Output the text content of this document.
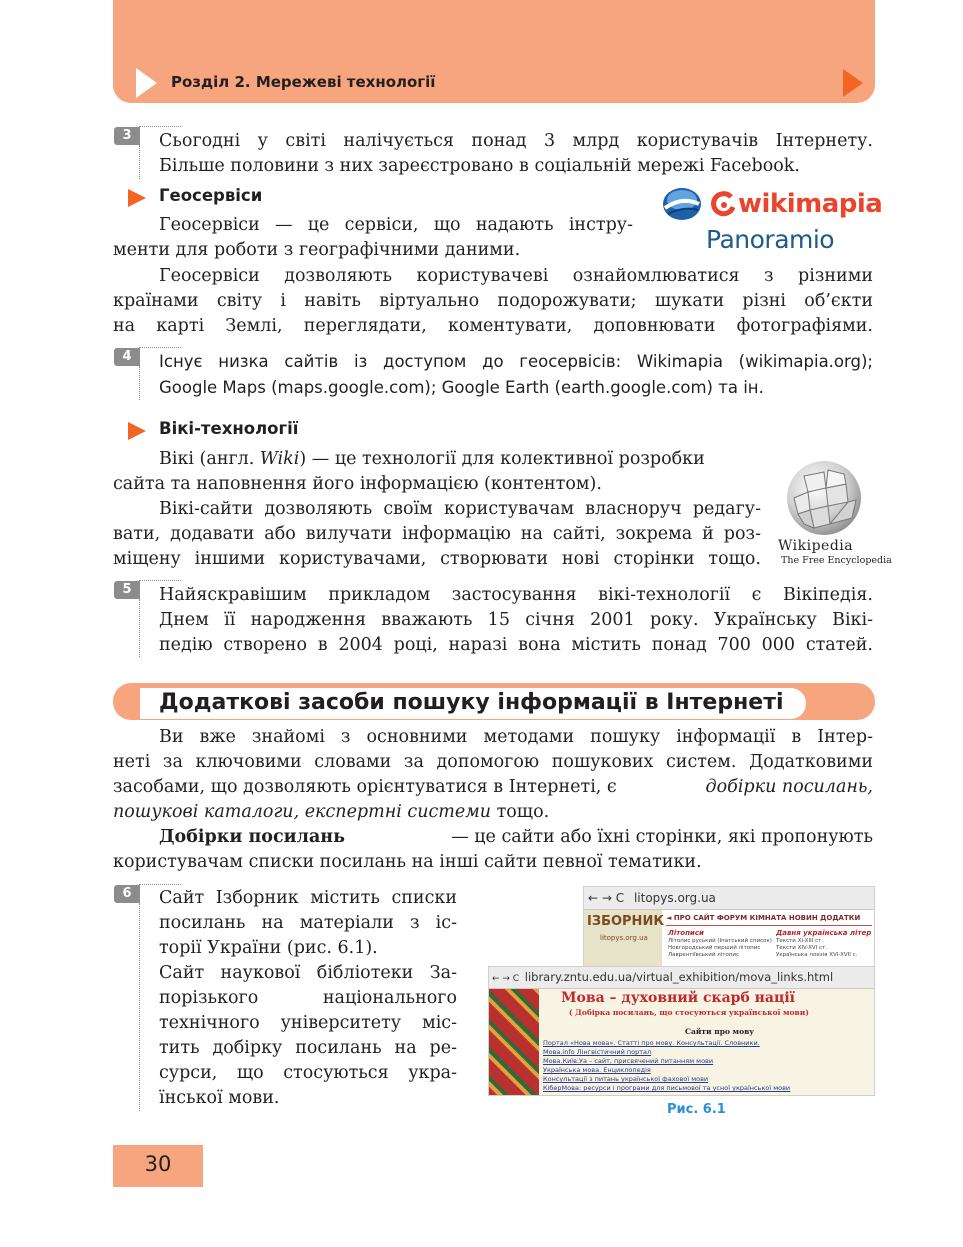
Розділ 2. Мережеві технології
3	Сьогодні у світі налічується понад 3 млрд користувачів Інтернету.
Більше половини з них зареєстровано в соціальній мережі Facebook.
Геосервіси
Геосервіси — це сервіси, що надають інстру-
менти для роботи з географічними даними.
Геосервіси дозволяють користувачеві ознайомлюватися з різними
країнами світу і навіть віртуально подорожувати; шукати різні об’єкти
на карті Землі, переглядати, коментувати, доповнювати фотографіями.
wikimapia
Panoramio
4	Існує низка сайтів із доступом до геосервісів: Wikimapia (wikimapia.org);
Google Maps (maps.google.com); Google Earth (earth.google.com) та ін.
Вікі-технології
Вікі (англ. Wiki) — це технології для колективної розробки
сайта та наповнення його інформацією (контентом).
Вікі-сайти дозволяють своїм користувачам власноруч редагу-
вати, додавати або вилучати інформацію на сайті, зокрема й роз-
міщену іншими користувачами, створювати нові сторінки тощо.
Wikipedia
The Free Encyclopedia
5	Найяскравішим прикладом застосування вікі-технології є Вікіпедія.
Днем її народження вважають 15 січня 2001 року. Українську Вікі-
педію створено в 2004 році, наразі вона містить понад 700 000 статей.
Додаткові засоби пошуку інформації в Інтернеті
Ви вже знайомі з основними методами пошуку інформації в Інтер-
неті за ключовими словами за допомогою пошукових систем. Додатковими
засобами, що дозволяють орієнтуватися в Інтернеті, є	добірки посилань,
пошукові каталоги, експертні системи тощо.
Добірки посилань	— це сайти або їхні сторінки, які пропонують
користувачам списки посилань на інші сайти певної тематики.
6	Сайт Ізборник містить списки
посилань на матеріали з іс-
торії України (рис. 6.1).
Сайт наукової бібліотеки За-
порізького національного
технічного університету міс-
тить добірку посилань на ре-
сурси, що стосуються укра-
їнської мови.
← → C litopys.org.ua
ІЗБОРНИК
litopys.org.ua
◄ ПРО САЙТ ФОРУМ КІМНАТА НОВИН ДОДАТКИ
Літописи
Літопис руський (Іпатський список)
Новгородський перший літопис
Лаврентіївський літопис
Давня українська літер
Тексти XI-XIII ст.
Тексти XIV-XVI ст.
Українська поезія XVI-XVII с.
← → C library.zntu.edu.ua/virtual_exhibition/mova_links.html
Мова – духовний скарб нації
( Добірка посилань, що стосуються української мови)
Сайти про мову
Портал «Нова мова». Статті про мову. Консультації. Словники.
Мова.info Лінгвістичний портал
Мова.Київ.Уа – сайт, присвячений питанням мови
Українська мова. Енциклопедія
Консультації з питань української фахової мови
КіберМова: ресурси і програми для письмової та усної української мови
Рис. 6.1
30
